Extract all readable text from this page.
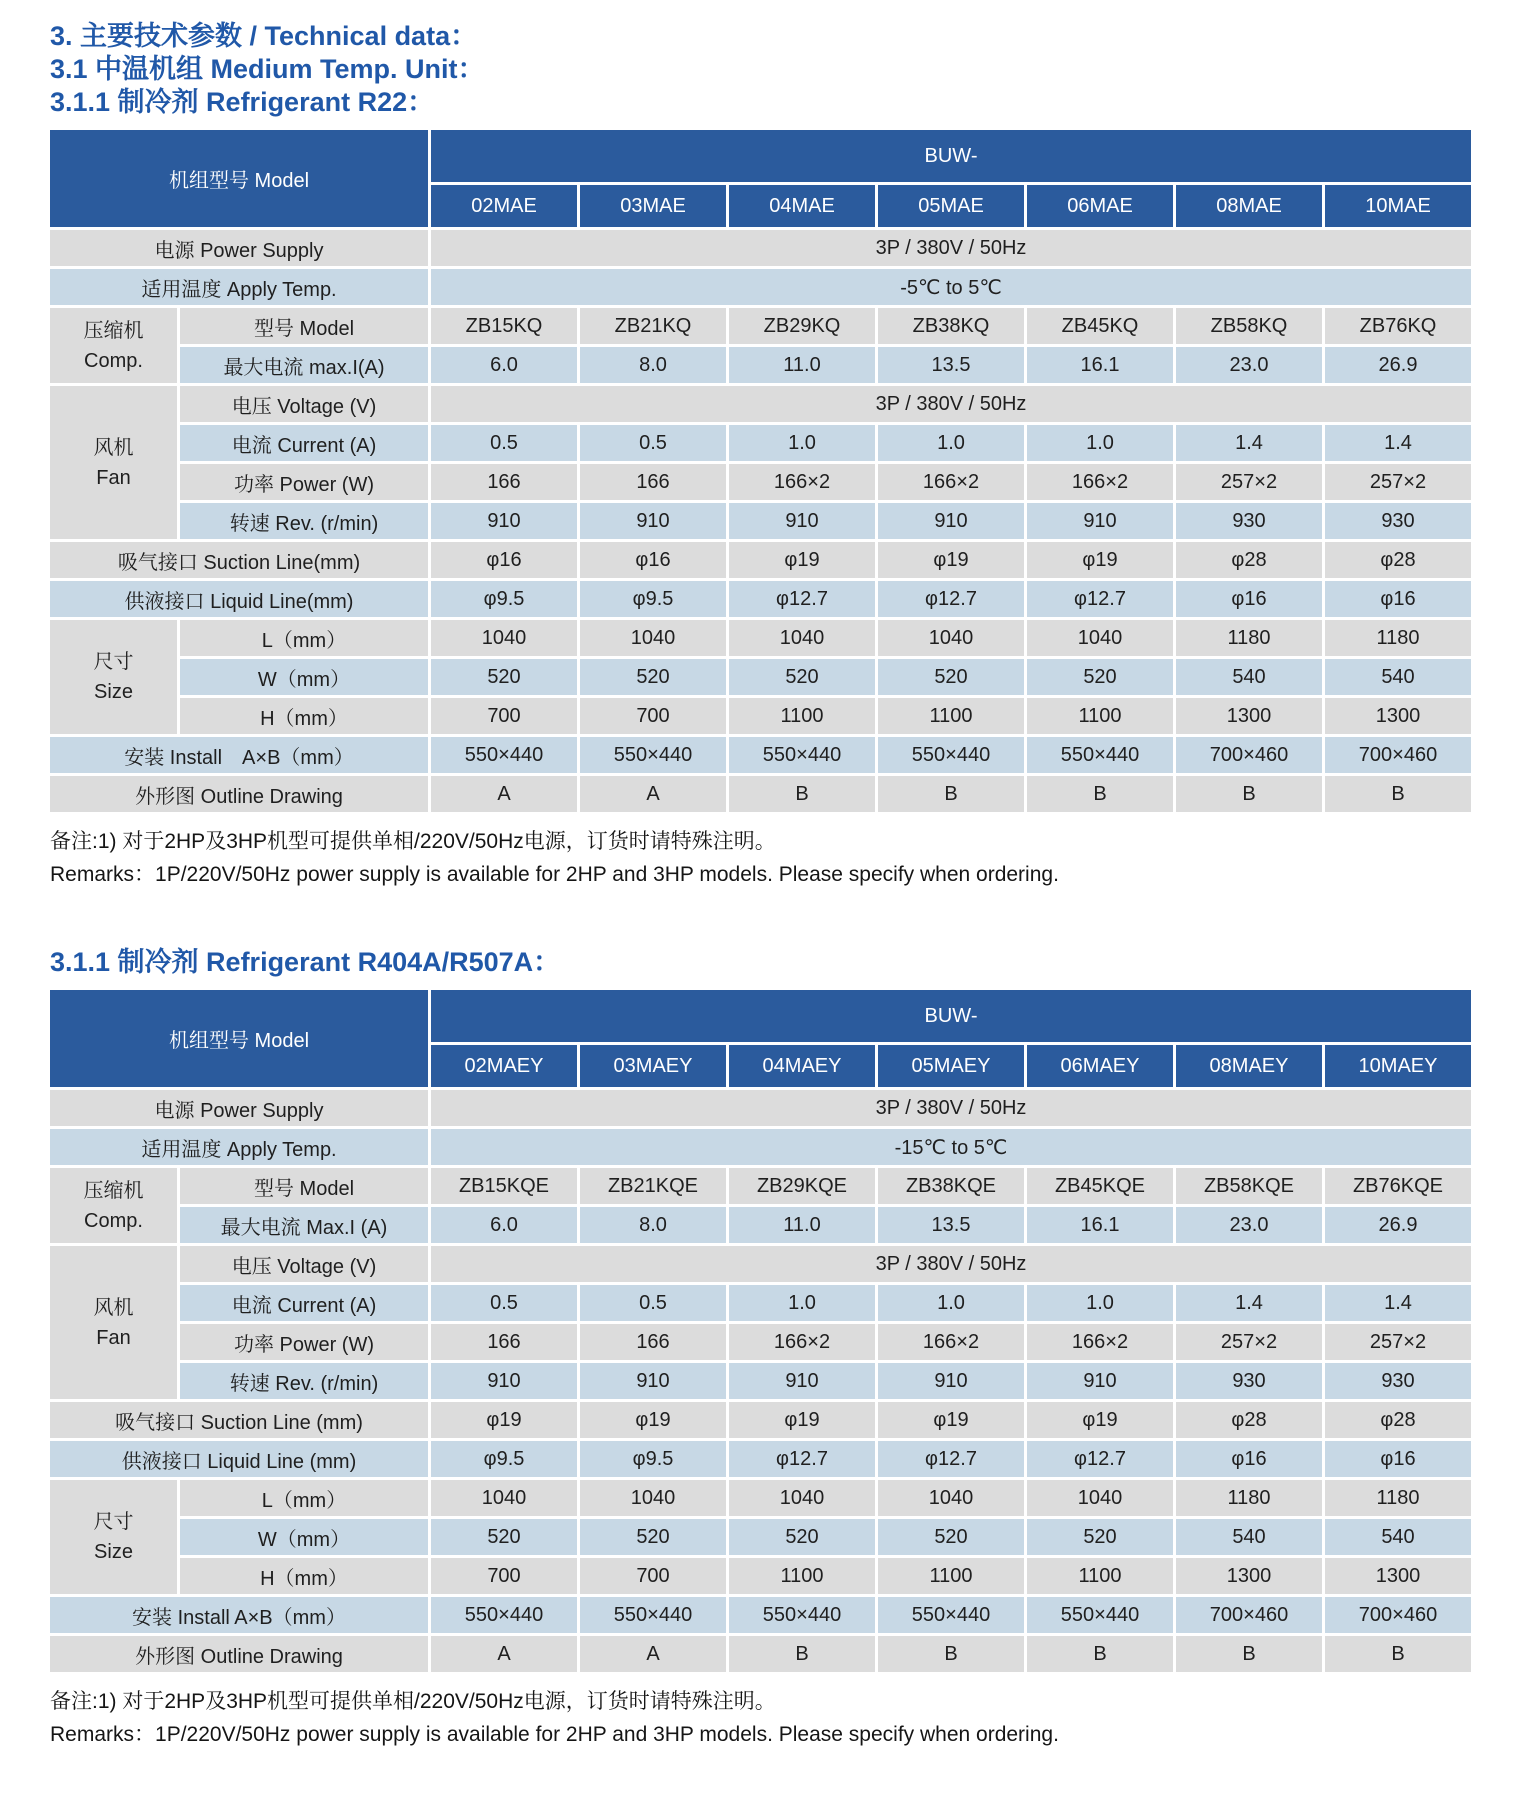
3. 主要技术参数 / Technical data：

3.1 中温机组 Medium Temp. Unit：

3.1.1 制冷剂 Refrigerant R22：

机组型号 Model		BUW-						
		02MAE	03MAE	04MAE	05MAE	06MAE	08MAE	10MAE
电源 Power Supply		3P / 380V / 50Hz						
适用温度 Apply Temp.		-5℃ to 5℃						

压缩机
Comp.	型号 Model	ZB15KQ	ZB21KQ	ZB29KQ	ZB38KQ	ZB45KQ	ZB58KQ	ZB76KQ
	最大电流 max.I(A)	6.0	8.0	11.0	13.5	16.1	23.0	26.9

风机
Fan	电压 Voltage (V)	3P / 380V / 50Hz						
	电流 Current (A)	0.5	0.5	1.0	1.0	1.0	1.4	1.4
	功率 Power (W)	166	166	166×2	166×2	166×2	257×2	257×2
	转速 Rev. (r/min)	910	910	910	910	910	930	930
吸气接口 Suction Line(mm)		φ16	φ16	φ19	φ19	φ19	φ28	φ28
供液接口 Liquid Line(mm)		φ9.5	φ9.5	φ12.7	φ12.7	φ12.7	φ16	φ16

尺寸
Size	L（mm）	1040	1040	1040	1040	1040	1180	1180
	W（mm）	520	520	520	520	520	540	540
	H（mm）	700	700	1100	1100	1100	1300	1300
安装 Install　A×B（mm）		550×440	550×440	550×440	550×440	550×440	700×460	700×460
外形图 Outline Drawing		A	A	B	B	B	B	B

备注:1) 对于2HP及3HP机型可提供单相/220V/50Hz电源，订货时请特殊注明。

Remarks：1P/220V/50Hz power supply is available for 2HP and 3HP models. Please specify when ordering.

3.1.1 制冷剂 Refrigerant R404A/R507A：

机组型号 Model		BUW-						
		02MAEY	03MAEY	04MAEY	05MAEY	06MAEY	08MAEY	10MAEY
电源 Power Supply		3P / 380V / 50Hz						
适用温度 Apply Temp.		-15℃ to 5℃						

压缩机
Comp.	型号 Model	ZB15KQE	ZB21KQE	ZB29KQE	ZB38KQE	ZB45KQE	ZB58KQE	ZB76KQE
	最大电流 Max.I (A)	6.0	8.0	11.0	13.5	16.1	23.0	26.9

风机
Fan	电压 Voltage (V)	3P / 380V / 50Hz						
	电流 Current (A)	0.5	0.5	1.0	1.0	1.0	1.4	1.4
	功率 Power (W)	166	166	166×2	166×2	166×2	257×2	257×2
	转速 Rev. (r/min)	910	910	910	910	910	930	930
吸气接口 Suction Line (mm)		φ19	φ19	φ19	φ19	φ19	φ28	φ28
供液接口 Liquid Line (mm)		φ9.5	φ9.5	φ12.7	φ12.7	φ12.7	φ16	φ16

尺寸
Size	L（mm）	1040	1040	1040	1040	1040	1180	1180
	W（mm）	520	520	520	520	520	540	540
	H（mm）	700	700	1100	1100	1100	1300	1300
安装 Install A×B（mm）		550×440	550×440	550×440	550×440	550×440	700×460	700×460
外形图 Outline Drawing		A	A	B	B	B	B	B

备注:1) 对于2HP及3HP机型可提供单相/220V/50Hz电源，订货时请特殊注明。

Remarks：1P/220V/50Hz power supply is available for 2HP and 3HP models. Please specify when ordering.
